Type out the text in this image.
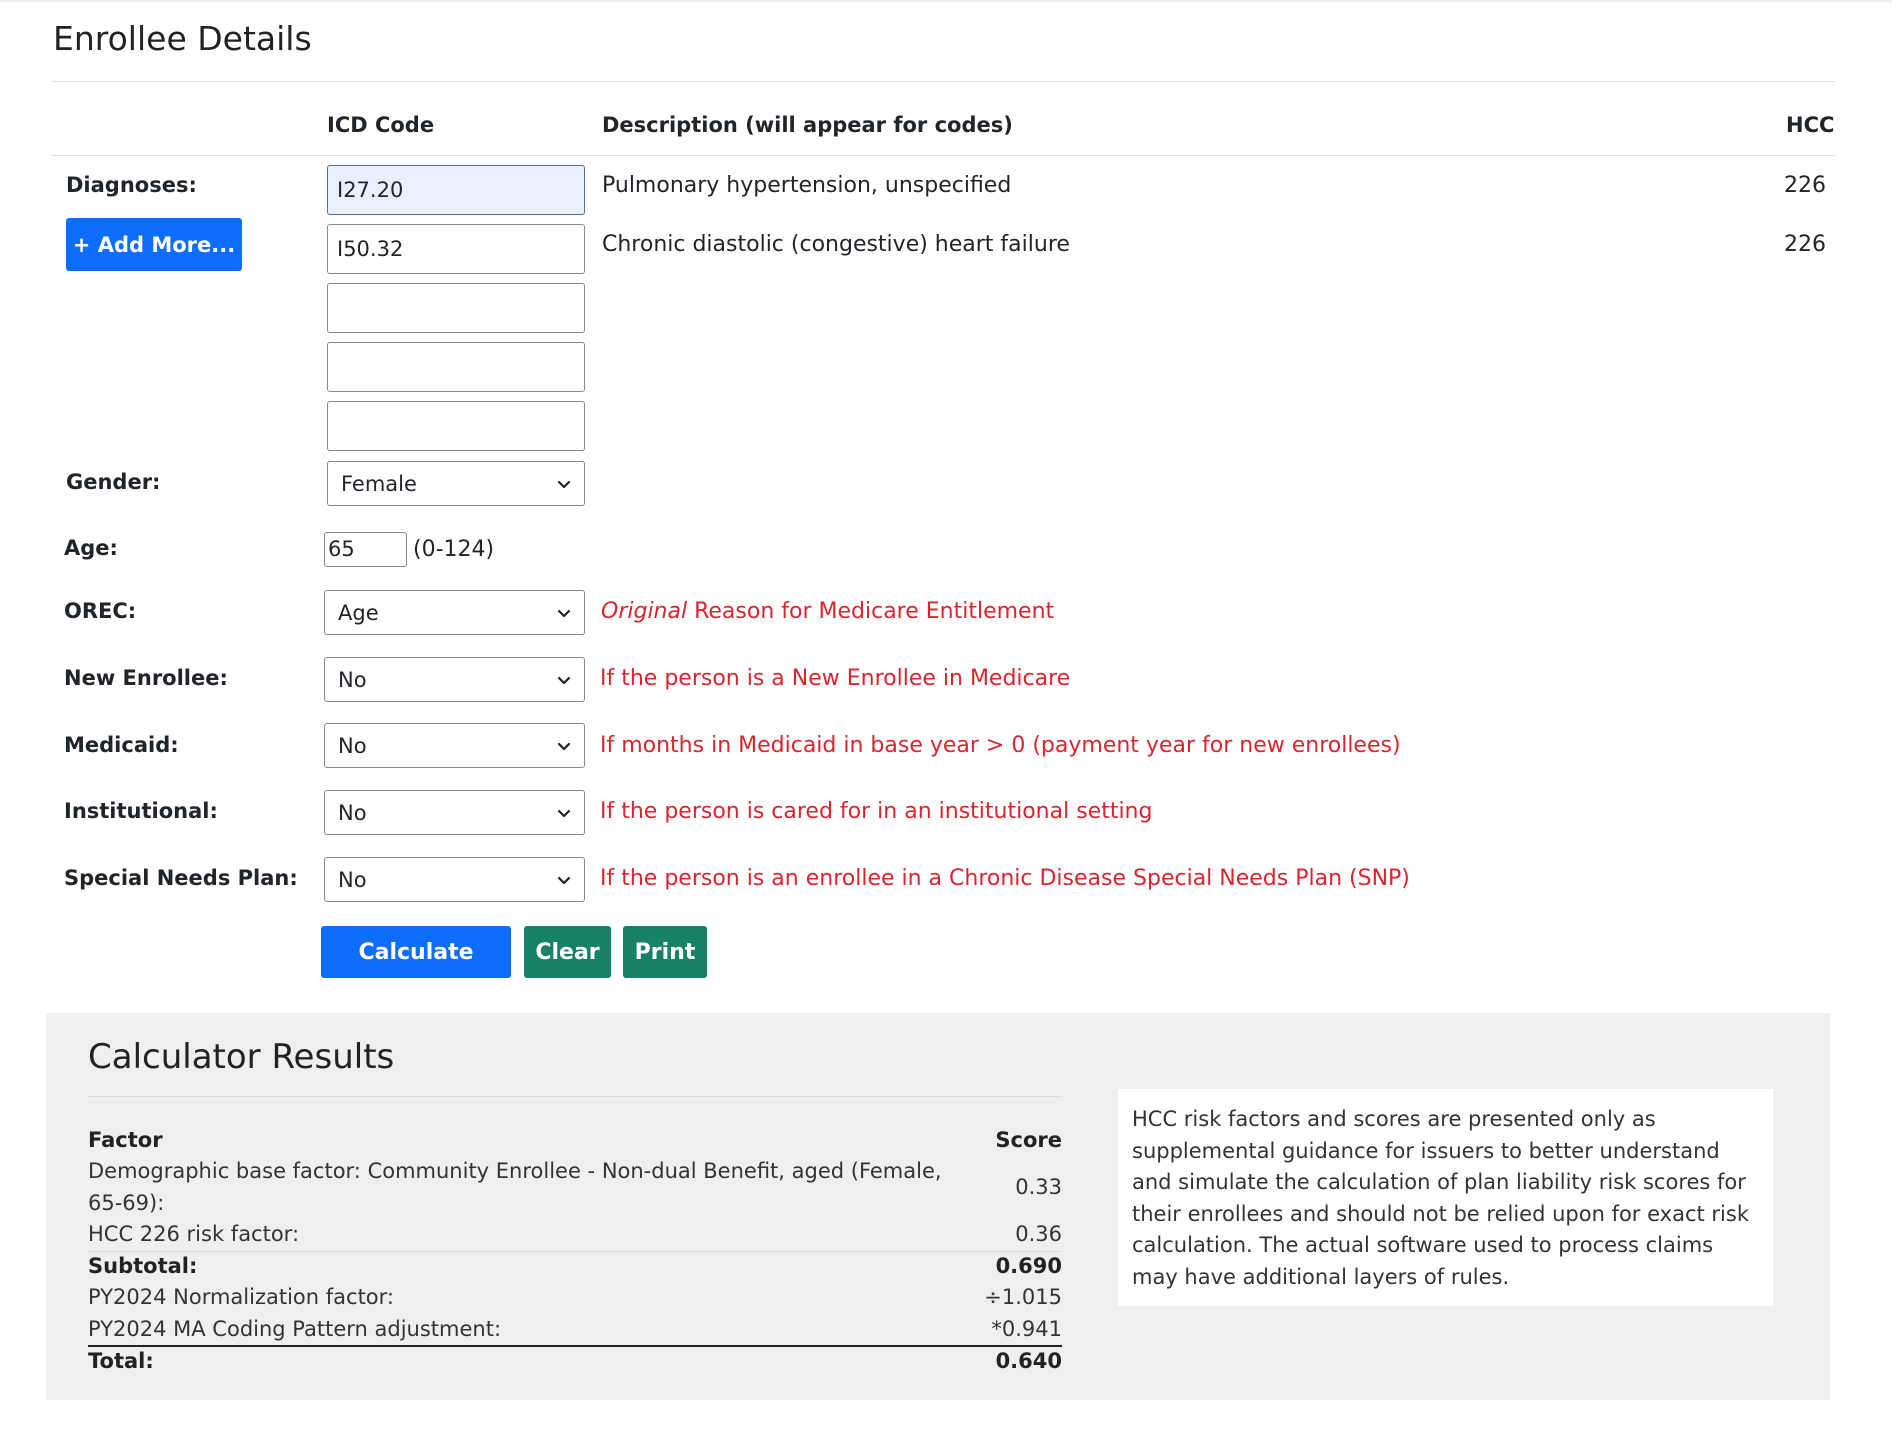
Enrollee Details
ICD Code	Description (will appear for codes)	HCC
Diagnoses:
+ Add More...
I27.20	Pulmonary hypertension, unspecified	226
I50.32	Chronic diastolic (congestive) heart failure	226
Gender:	Female
Age:	65	(0-124)
OREC:	Age	Original Reason for Medicare Entitlement
New Enrollee:	No	If the person is a New Enrollee in Medicare
Medicaid:	No	If months in Medicaid in base year > 0 (payment year for new enrollees)
Institutional:	No	If the person is cared for in an institutional setting
Special Needs Plan: No	If the person is an enrollee in a Chronic Disease Special Needs Plan (SNP)
Calculate	Clear	Print
Calculator Results
Factor	Score
Demographic base factor: Community Enrollee - Non-dual Benefit, aged (Female,
65-69):
0.33
HCC 226 risk factor:	0.36
Subtotal:	0.690
PY2024 Normalization factor:	÷1.015
PY2024 MA Coding Pattern adjustment:	*0.941
Total:	0.640
HCC risk factors and scores are presented only as supplemental guidance for issuers to better understand and simulate the calculation of plan liability risk scores for their enrollees and should not be relied upon for exact risk calculation. The actual software used to process claims may have additional layers of rules.
